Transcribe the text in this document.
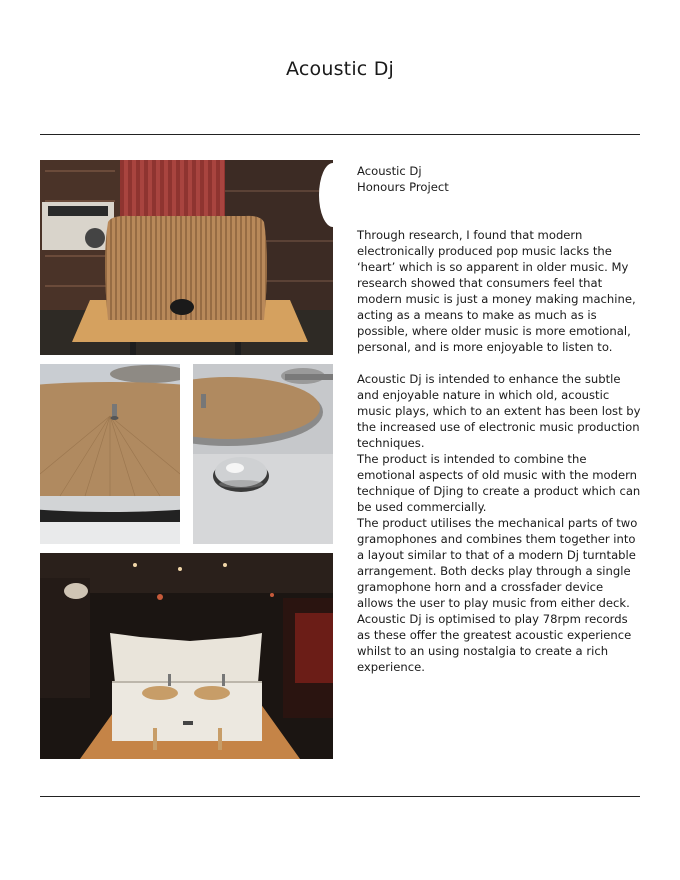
Acoustic Dj

Acoustic Dj

Honours Project

Through research, I found that modern electronically produced pop music lacks the ‘heart’ which is so apparent in older music. My research showed that consumers feel that modern music is just a money making machine, acting as a means to make as much as is possible, where older music is more emotional, personal, and is more enjoyable to listen to.

Acoustic Dj is intended to enhance the subtle and enjoyable nature in which old, acoustic music plays, which to an extent has been lost by the increased use of electronic music production techniques.

The product is intended to combine the emotional aspects of old music with the modern technique of Djing to create a product which can be used commercially.

The product utilises the mechanical parts of two gramophones and combines them together into a layout similar to that of a modern Dj turntable arrangement. Both decks play through a single gramophone horn and a crossfader device allows the user to play music from either deck. Acoustic Dj is optimised to play 78rpm records as these offer the greatest acoustic experience whilst to an using nostalgia to create a rich experience.
